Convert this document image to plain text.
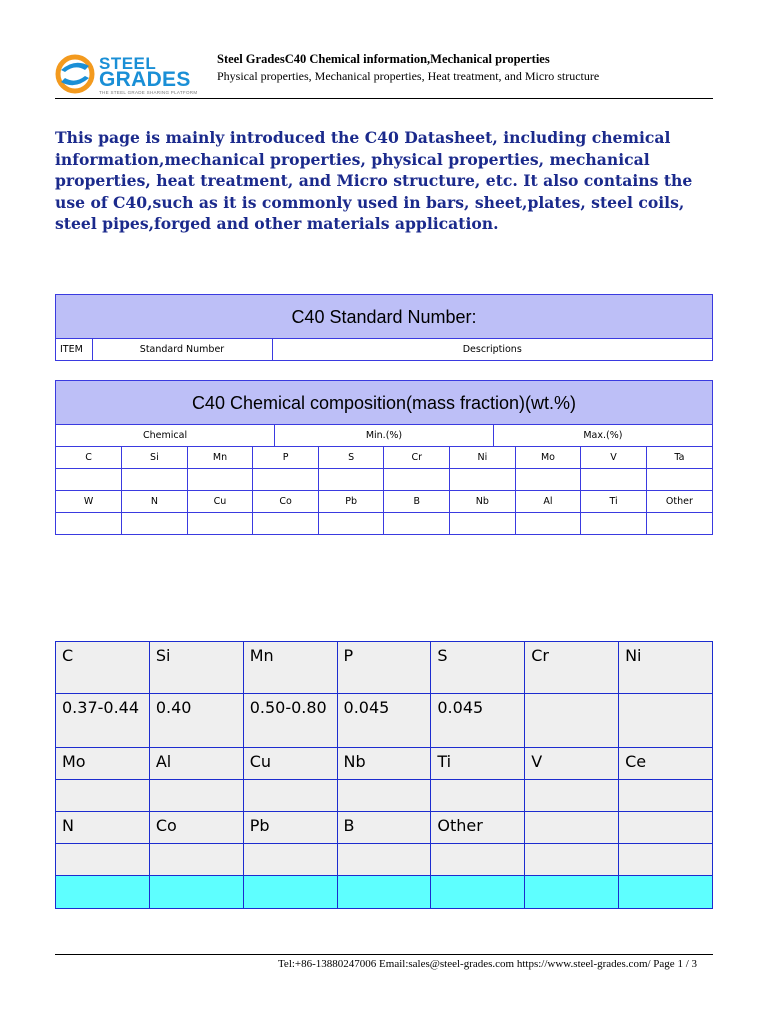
STEEL
GRADES
THE STEEL GRADE SHARING PLATFORM
Steel GradesC40 Chemical information,Mechanical properties
Physical properties, Mechanical properties, Heat treatment, and Micro structure
This page is mainly introduced the C40 Datasheet, including chemical information,mechanical properties, physical properties, mechanical properties, heat treatment, and Micro structure, etc. It also contains the use of C40,such as it is commonly used in bars, sheet,plates, steel coils, steel pipes,forged and other materials application.
C40 Standard Number:
ITEM	Standard Number	Descriptions
C40 Chemical composition(mass fraction)(wt.%)
Chemical	Min.(%)	Max.(%)
C	Si	Mn	P	S	Cr	Ni	Mo	V	Ta

W	N	Cu	Co	Pb	B	Nb	Al	Ti	Other

C	Si	Mn	P	S	Cr	Ni
0.37-0.44	0.40	0.50-0.80	0.045	0.045		
Mo	Al	Cu	Nb	Ti	V	Ce

N	Co	Pb	B	Other		

Tel:+86-13880247006 Email:sales@steel-grades.com https://www.steel-grades.com/ Page 1 / 3
